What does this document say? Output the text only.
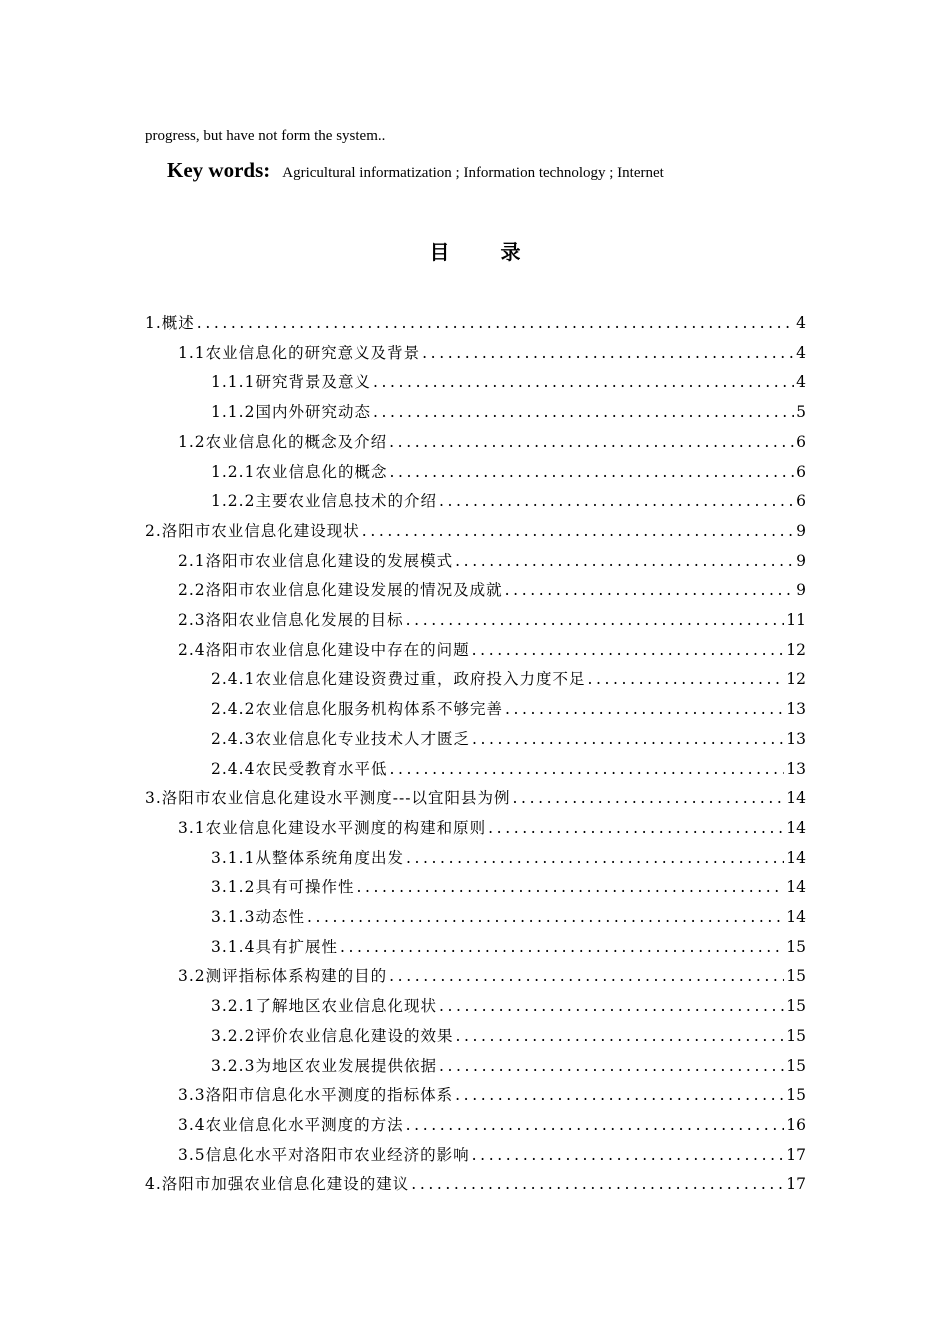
progress, but have not form the system..
Key words: Agricultural informatization ; Information technology ; Internet
目 录
1.概述 .....	4
1.1农业信息化的研究意义及背景 .....	4
1.1.1研究背景及意义 .....	4
1.1.2国内外研究动态 .....	5
1.2农业信息化的概念及介绍 .....	6
1.2.1农业信息化的概念 .....	6
1.2.2主要农业信息技术的介绍 .....	6
2.洛阳市农业信息化建设现状 .....	9
2.1洛阳市农业信息化建设的发展模式 .....	9
2.2洛阳市农业信息化建设发展的情况及成就 .....	9
2.3洛阳农业信息化发展的目标 .....	11
2.4洛阳市农业信息化建设中存在的问题 .....	12
2.4.1农业信息化建设资费过重，政府投入力度不足 .....	12
2.4.2农业信息化服务机构体系不够完善 .....	13
2.4.3农业信息化专业技术人才匮乏 .....	13
2.4.4农民受教育水平低 .....	13
3.洛阳市农业信息化建设水平测度---以宜阳县为例 .....	14
3.1农业信息化建设水平测度的构建和原则 .....	14
3.1.1从整体系统角度出发 .....	14
3.1.2具有可操作性 .....	14
3.1.3动态性 .....	14
3.1.4具有扩展性 .....	15
3.2测评指标体系构建的目的 .....	15
3.2.1了解地区农业信息化现状 .....	15
3.2.2评价农业信息化建设的效果 .....	15
3.2.3为地区农业发展提供依据 .....	15
3.3洛阳市信息化水平测度的指标体系 .....	15
3.4农业信息化水平测度的方法 .....	16
3.5信息化水平对洛阳市农业经济的影响 .....	17
4.洛阳市加强农业信息化建设的建议 .....	17
